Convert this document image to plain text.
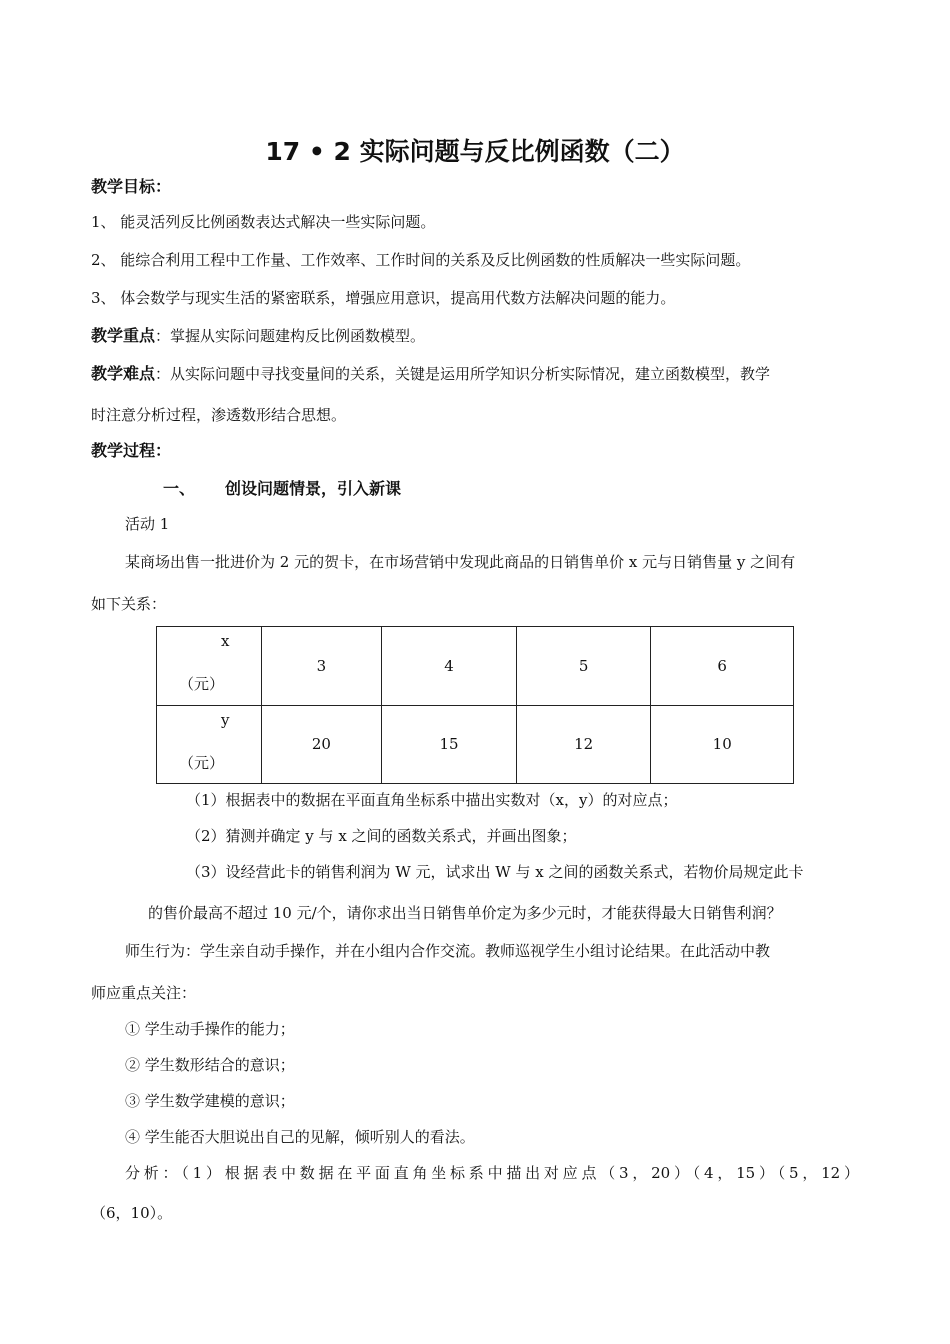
17 • 2 实际问题与反比例函数（二）
教学目标：
1、 能灵活列反比例函数表达式解决一些实际问题。
2、 能综合利用工程中工作量、工作效率、工作时间的关系及反比例函数的性质解决一些实际问题。
3、 体会数学与现实生活的紧密联系，增强应用意识，提高用代数方法解决问题的能力。
教学重点：掌握从实际问题建构反比例函数模型。
教学难点：从实际问题中寻找变量间的关系，关键是运用所学知识分析实际情况，建立函数模型，教学
时注意分析过程，渗透数形结合思想。
教学过程：
一、 创设问题情景，引入新课
活动 1
某商场出售一批进价为 2 元的贺卡，在市场营销中发现此商品的日销售单价 x 元与日销售量 y 之间有
如下关系：
x
（元）	3	4	5	6

y
（元）	20	15	12	10
（1）根据表中的数据在平面直角坐标系中描出实数对（x，y）的对应点；
（2）猜测并确定 y 与 x 之间的函数关系式，并画出图象；
（3）设经营此卡的销售利润为 W 元，试求出 W 与 x 之间的函数关系式，若物价局规定此卡
的售价最高不超过 10 元/个，请你求出当日销售单价定为多少元时，才能获得最大日销售利润？
师生行为：学生亲自动手操作，并在小组内合作交流。教师巡视学生小组讨论结果。在此活动中教
师应重点关注：
① 学生动手操作的能力；
② 学生数形结合的意识；
③ 学生数学建模的意识；
④ 学生能否大胆说出自己的见解，倾听别人的看法。
分析：（1）根据表中数据在平面直角坐标系中描出对应点（3，20）（4，15）（5，12）
（6，10）。
